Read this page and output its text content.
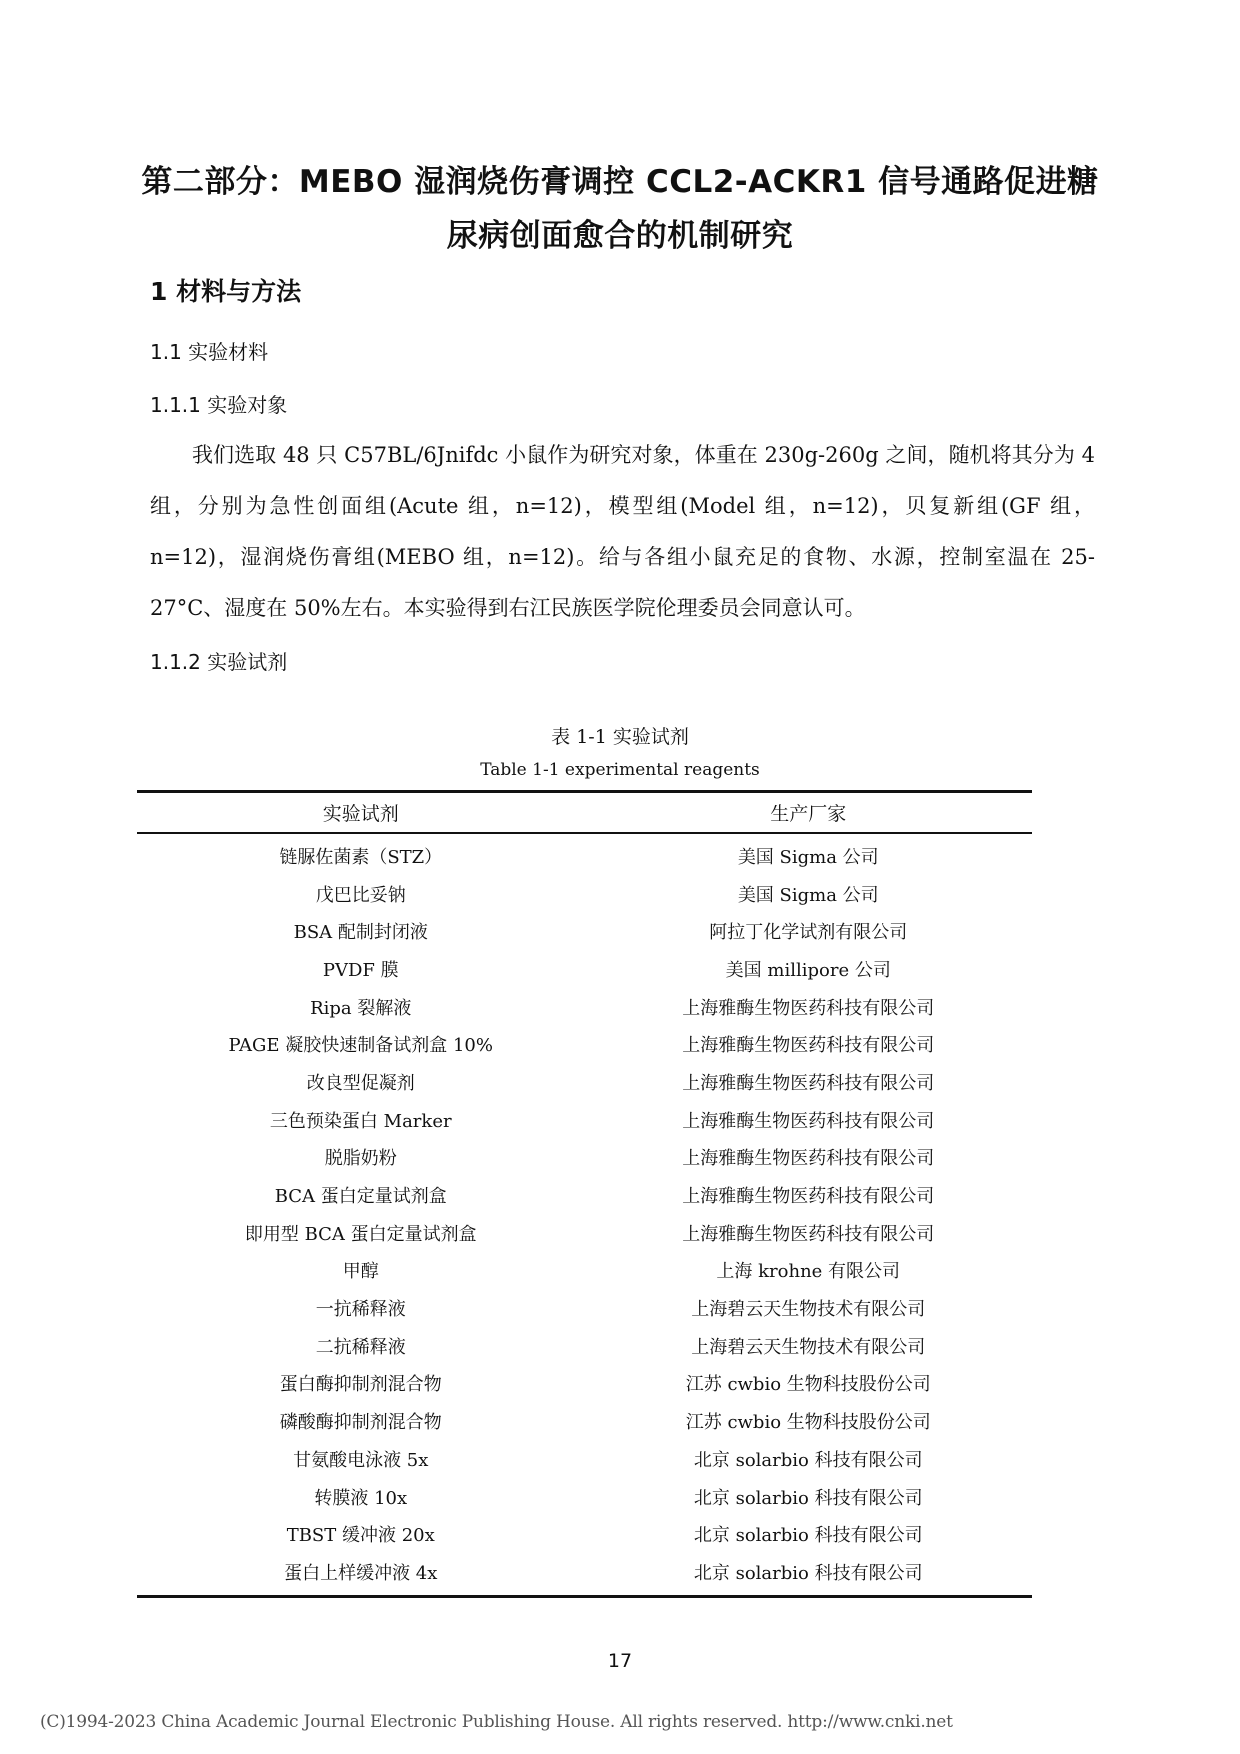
第二部分：MEBO 湿润烧伤膏调控 CCL2-ACKR1 信号通路促进糖
尿病创面愈合的机制研究
1 材料与方法
1.1 实验材料
1.1.1 实验对象

我们选取 48 只 C57BL/6Jnifdc 小鼠作为研究对象，体重在 230g-260g 之间，随机将其分为 4 组，分别为急性创面组(Acute 组，n=12)，模型组(Model 组，n=12)，贝复新组(GF 组，n=12)，湿润烧伤膏组(MEBO 组，n=12)。给与各组小鼠充足的食物、水源，控制室温在 25-27°C、湿度在 50%左右。本实验得到右江民族医学院伦理委员会同意认可。

1.1.2 实验试剂
表 1-1 实验试剂
Table 1-1 experimental reagents
实验试剂	生产厂家
链脲佐菌素（STZ）	美国 Sigma 公司
戊巴比妥钠	美国 Sigma 公司
BSA 配制封闭液	阿拉丁化学试剂有限公司
PVDF 膜	美国 millipore 公司
Ripa 裂解液	上海雅酶生物医药科技有限公司
PAGE 凝胶快速制备试剂盒 10%	上海雅酶生物医药科技有限公司
改良型促凝剂	上海雅酶生物医药科技有限公司
三色预染蛋白 Marker	上海雅酶生物医药科技有限公司
脱脂奶粉	上海雅酶生物医药科技有限公司
BCA 蛋白定量试剂盒	上海雅酶生物医药科技有限公司
即用型 BCA 蛋白定量试剂盒	上海雅酶生物医药科技有限公司
甲醇	上海 krohne 有限公司
一抗稀释液	上海碧云天生物技术有限公司
二抗稀释液	上海碧云天生物技术有限公司
蛋白酶抑制剂混合物	江苏 cwbio 生物科技股份公司
磷酸酶抑制剂混合物	江苏 cwbio 生物科技股份公司
甘氨酸电泳液 5x	北京 solarbio 科技有限公司
转膜液 10x	北京 solarbio 科技有限公司
TBST 缓冲液 20x	北京 solarbio 科技有限公司
蛋白上样缓冲液 4x	北京 solarbio 科技有限公司
17
(C)1994-2023 China Academic Journal Electronic Publishing House. All rights reserved. http://www.cnki.net
